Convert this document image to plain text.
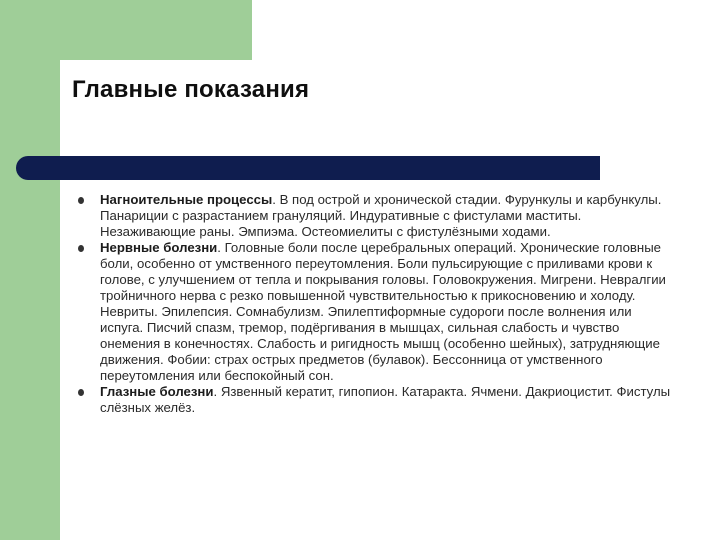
Главные показания
Нагноительные процессы. В под острой и хронической стадии. Фурункулы и карбункулы. Панариции с разрастанием грануляций. Индуративные с фистулами маститы. Незаживающие раны. Эмпиэма. Остеомиелиты с фистулёзными ходами.
Нервные болезни. Головные боли после церебральных операций. Хронические головные боли, особенно от умственного переутомления. Боли пульсирующие с приливами крови к голове, с улучшением от тепла и покрывания головы. Головокружения. Мигрени. Невралгии тройничного нерва с резко повышенной чувствительностью к прикосновению и холоду. Невриты. Эпилепсия. Сомнабулизм. Эпилептиформные судороги после волнения или испуга. Писчий спазм, тремор, подёргивания в мышцах, сильная слабость и чувство онемения в конечностях. Слабость и ригидность мышц (особенно шейных), затрудняющие движения. Фобии: страх острых предметов (булавок). Бессонница от умственного переутомления или беспокойный сон.
Глазные болезни. Язвенный кератит, гипопион. Катаракта. Ячмени. Дакриоцистит. Фистулы слёзных желёз.
